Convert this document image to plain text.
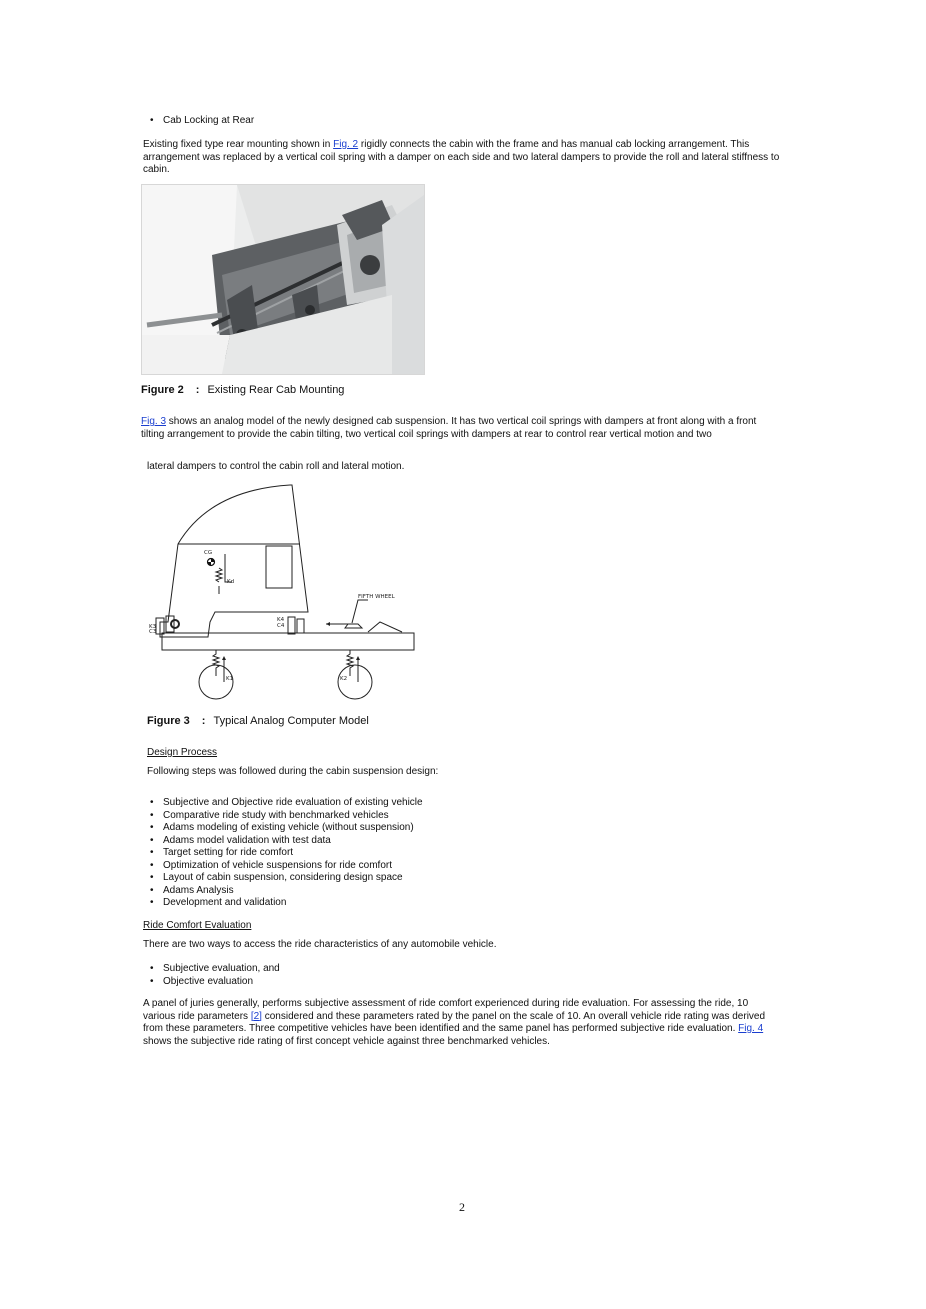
• Cab Locking at Rear

Existing fixed type rear mounting shown in Fig. 2 rigidly connects the cabin with the frame and has manual cab locking arrangement. This arrangement was replaced by a vertical coil spring with a damper on each side and two lateral dampers to provide the roll and lateral stiffness to cabin.

Figure 2 : Existing Rear Cab Mounting

Fig. 3 shows an analog model of the newly designed cab suspension. It has two vertical coil springs with dampers at front along with a front tilting arrangement to provide the cabin tilting, two vertical coil springs with dampers at rear to control rear vertical motion and two

lateral dampers to control the cabin roll and lateral motion.

CG
Kd
FIFTH WHEEL
K1	K2
K3
C3
K4
C4
Figure 3 : Typical Analog Computer Model
Design Process
Following steps was followed during the cabin suspension design:
• Subjective and Objective ride evaluation of existing vehicle
• Comparative ride study with benchmarked vehicles
• Adams modeling of existing vehicle (without suspension)
• Adams model validation with test data
• Target setting for ride comfort
• Optimization of vehicle suspensions for ride comfort
• Layout of cabin suspension, considering design space
• Adams Analysis
• Development and validation
Ride Comfort Evaluation
There are two ways to access the ride characteristics of any automobile vehicle.
• Subjective evaluation, and
• Objective evaluation

A panel of juries generally, performs subjective assessment of ride comfort experienced during ride evaluation. For assessing the ride, 10 various ride parameters [2] considered and these parameters rated by the panel on the scale of 10. An overall vehicle ride rating was derived from these parameters. Three competitive vehicles have been identified and the same panel has performed subjective ride evaluation. Fig. 4 shows the subjective ride rating of first concept vehicle against three benchmarked vehicles.

2
